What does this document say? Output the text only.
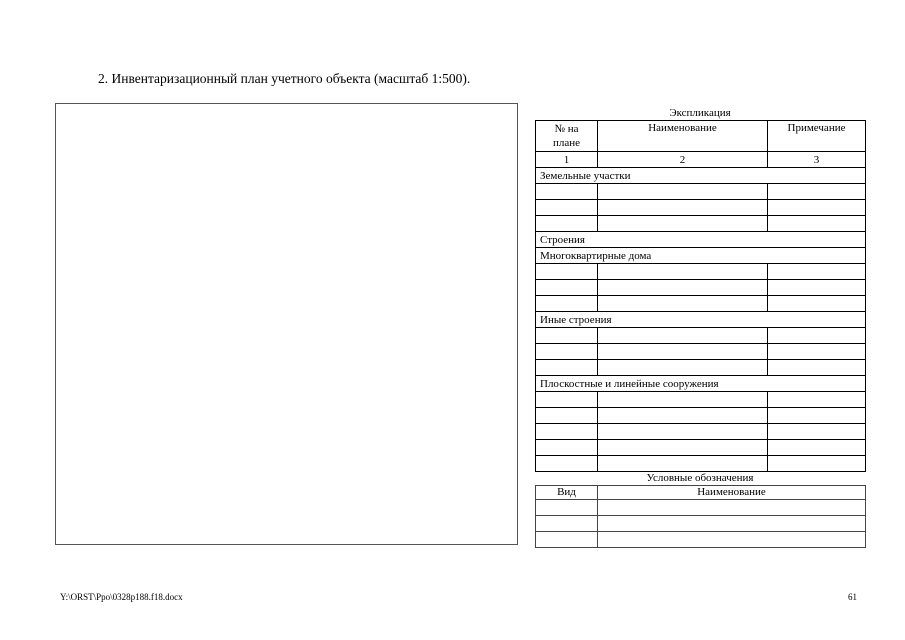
2. Инвентаризационный план учетного объекта (масштаб 1:500).
Экспликация
№ на плане	Наименование	Примечание
1	2	3
Земельные участки		

Строения		
Многоквартирные дома		

Иные строения		

Плоскостные и линейные сооружения		

Условные обозначения
Вид	Наименование

Y:\ORST\Ppo\0328p188.f18.docx	61
